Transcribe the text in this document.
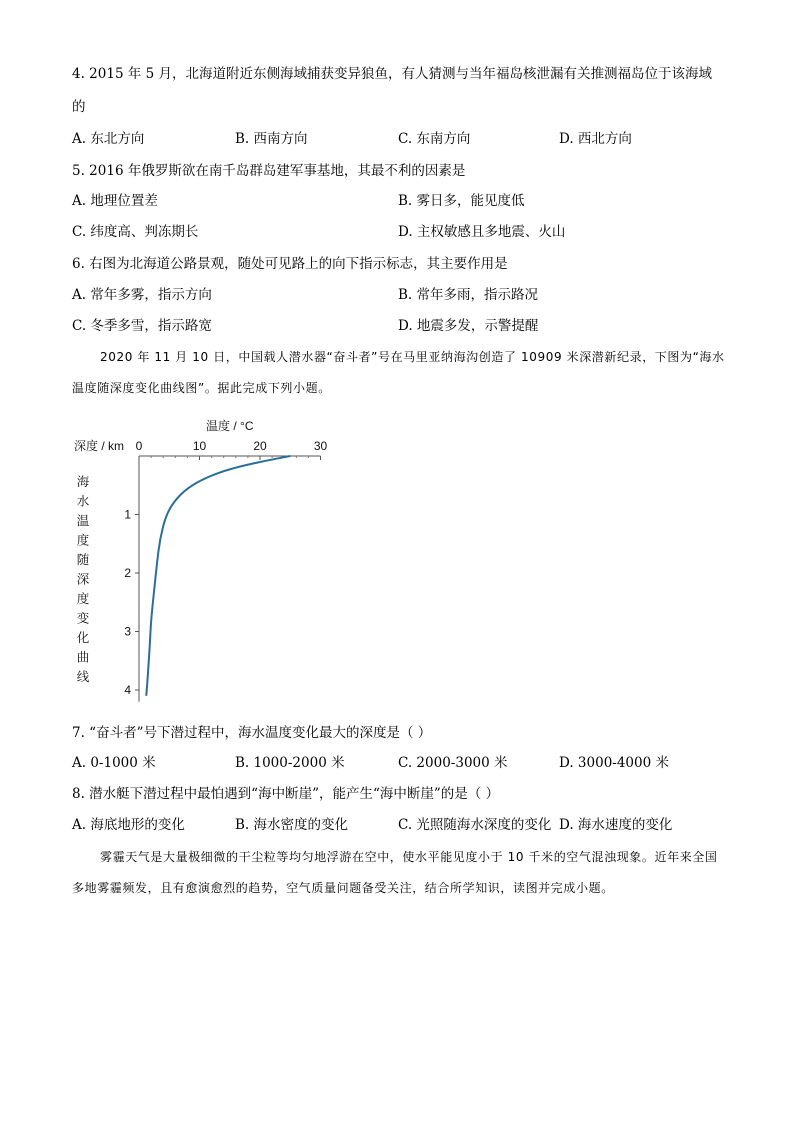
4. 2015 年 5 月，北海道附近东侧海域捕获变异狼鱼，有人猜测与当年福岛核泄漏有关推测福岛位于该海域
的
A. 东北方向	B. 西南方向	C. 东南方向	D. 西北方向
5. 2016 年俄罗斯欲在南千岛群岛建军事基地，其最不利的因素是
A. 地理位置差	B. 雾日多，能见度低
C. 纬度高、判冻期长	D. 主权敏感且多地震、火山
6. 右图为北海道公路景观，随处可见路上的向下指示标志，其主要作用是
A. 常年多雾，指示方向	B. 常年多雨，指示路况
C. 冬季多雪，指示路宽	D. 地震多发，示警提醒
2020 年 11 月 10 日，中国载人潜水器“奋斗者”号在马里亚纳海沟创造了 10909 米深潜新纪录，下图为“海水温度随深度变化曲线图”。据此完成下列小题。
0	10	20	30
1
2
3
4
温度 / °C
深度 / km
海
水
温
度
随
深
度
变
化
曲
线
7. “奋斗者”号下潜过程中，海水温度变化最大的深度是（ ）
A. 0-1000 米	B. 1000-2000 米	C. 2000-3000 米	D. 3000-4000 米
8. 潜水艇下潜过程中最怕遇到“海中断崖”，能产生“海中断崖”的是（ ）
A. 海底地形的变化	B. 海水密度的变化	C. 光照随海水深度的变化 D. 海水速度的变化
雾霾天气是大量极细微的干尘粒等均匀地浮游在空中，使水平能见度小于 10 千米的空气混浊现象。近年来全国多地雾霾频发，且有愈演愈烈的趋势，空气质量问题备受关注，结合所学知识，读图并完成小题。
